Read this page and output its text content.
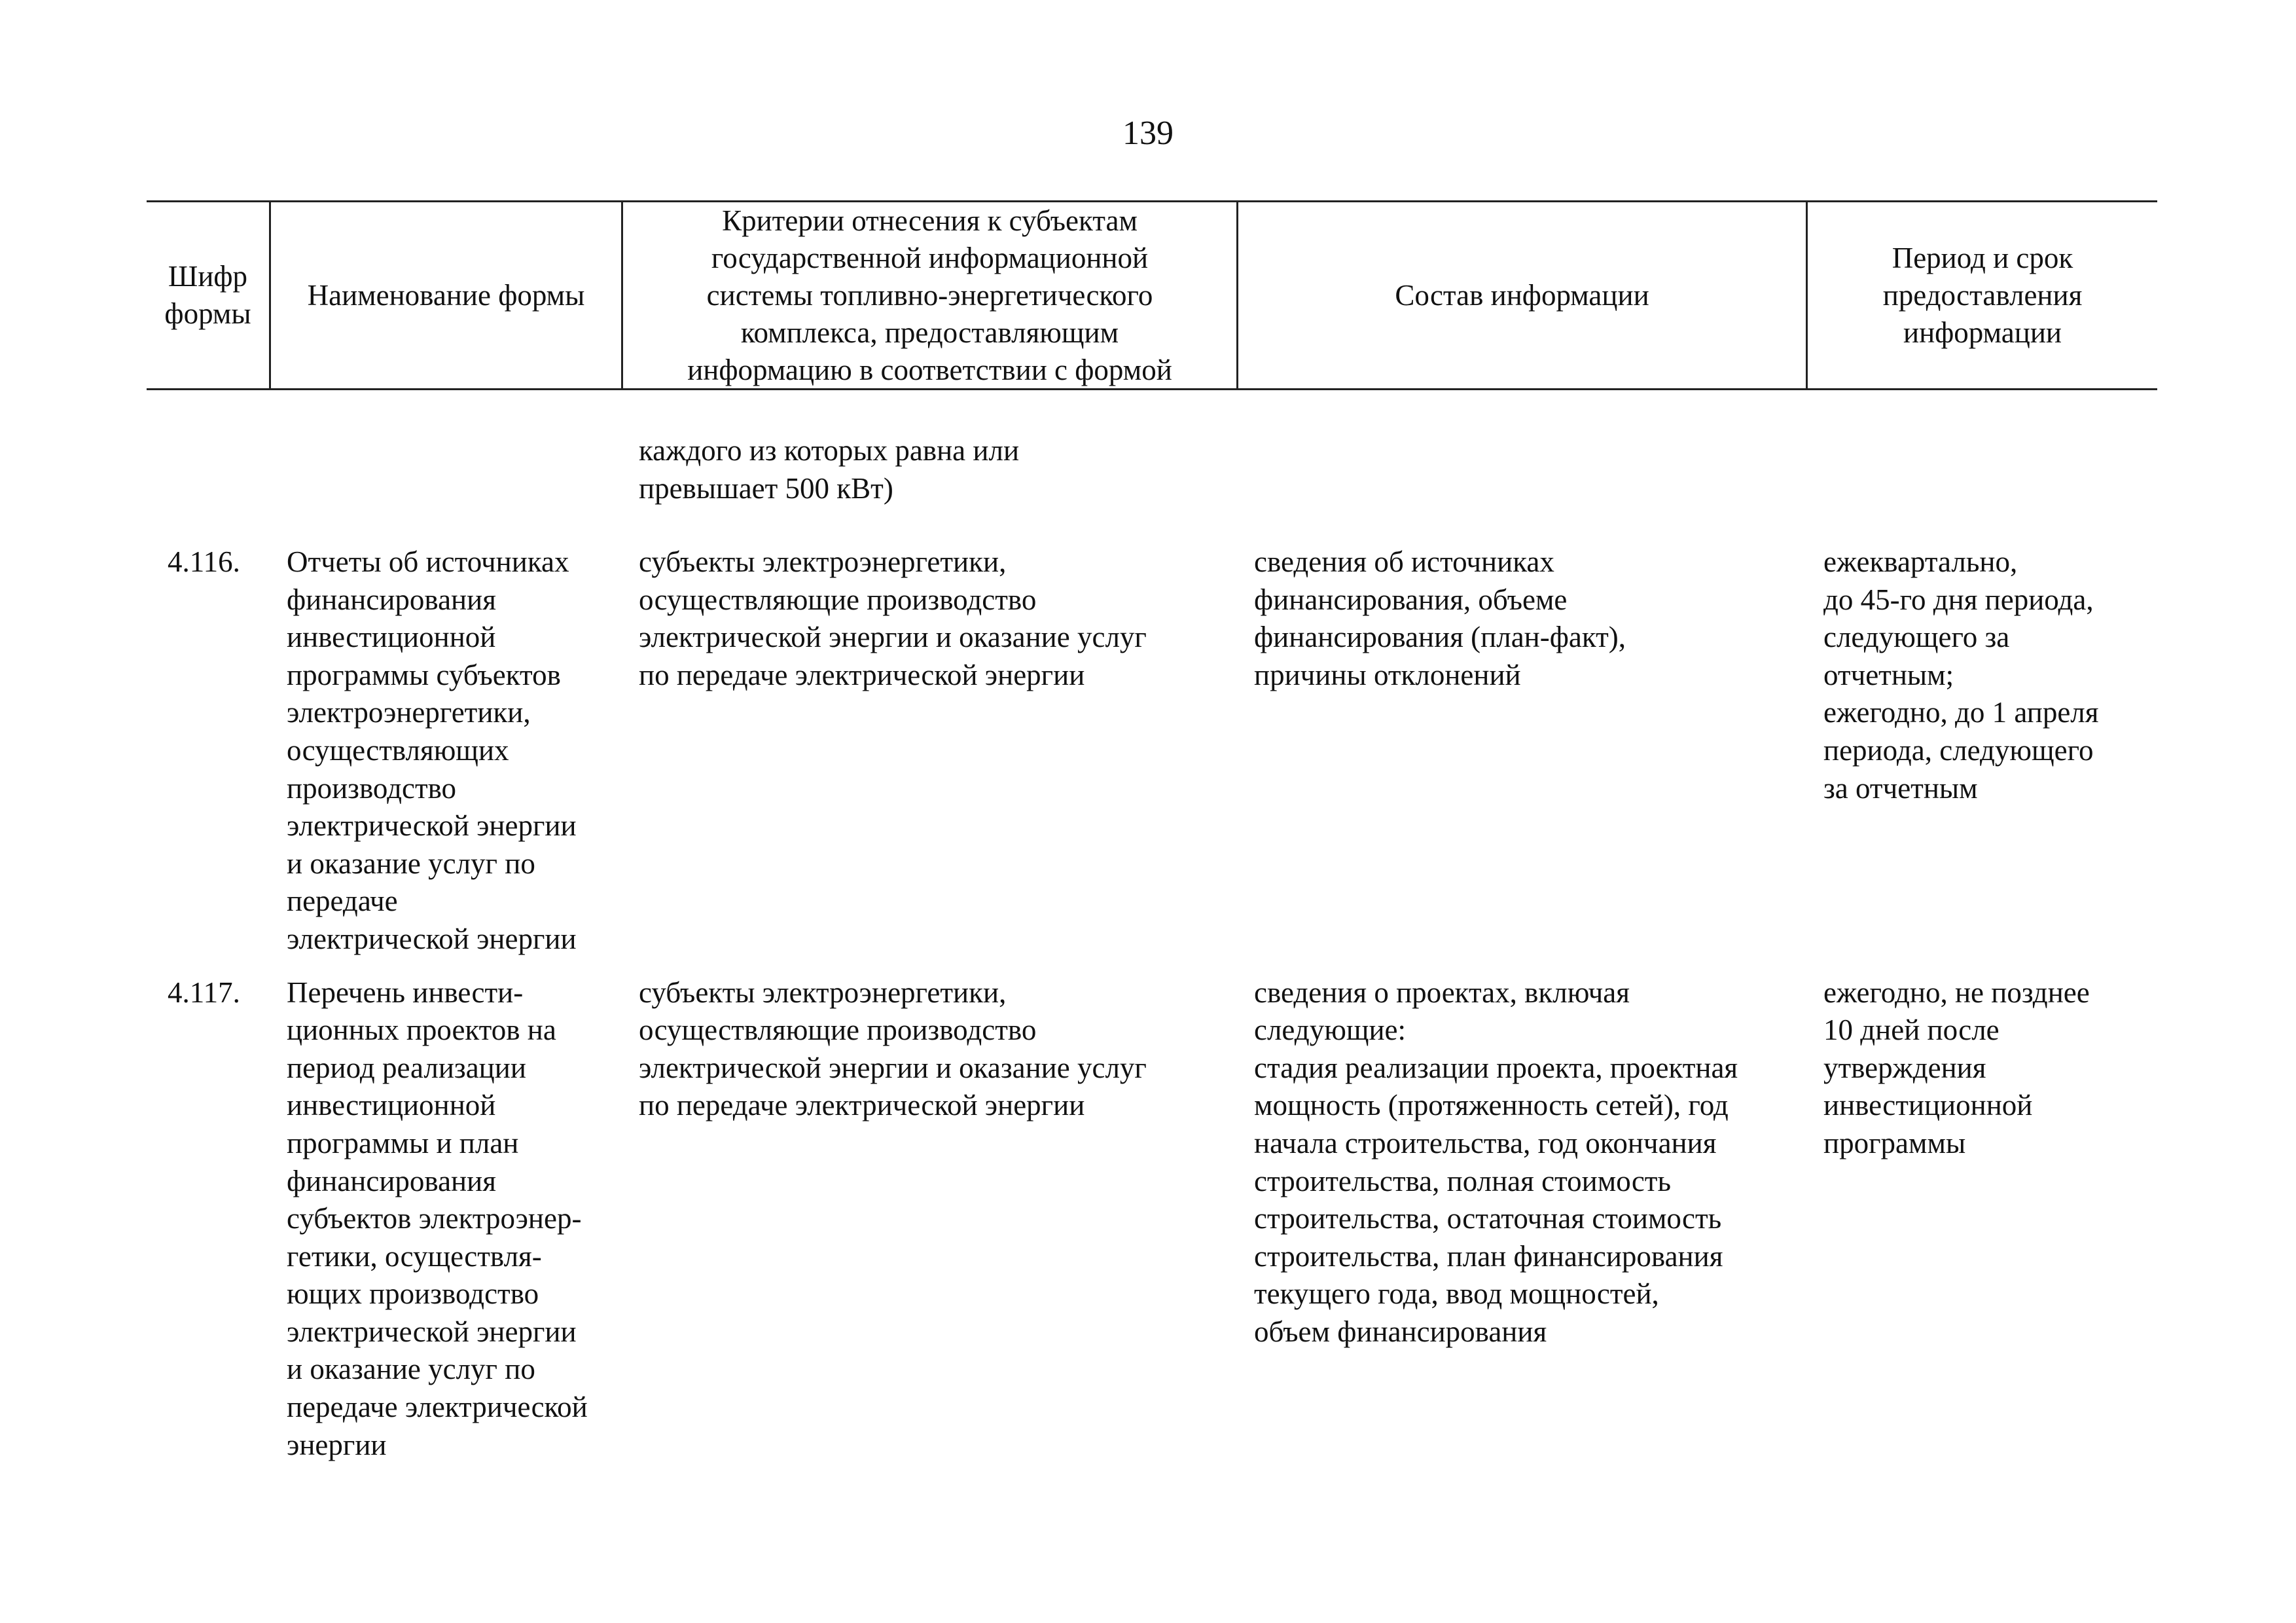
139
Шифр
формы
Наименование формы
Критерии отнесения к субъектам
государственной информационной
системы топливно-энергетического
комплекса, предоставляющим
информацию в соответствии с формой
Состав информации
Период и срок
предоставления
информации
каждого из которых равна или
превышает 500 кВт)
4.116.	Отчеты об источниках
финансирования
инвестиционной
программы субъектов
электроэнергетики,
осуществляющих
производство
электрической энергии
и оказание услуг по
передаче
электрической энергии
субъекты электроэнергетики,
осуществляющие производство
электрической энергии и оказание услуг
по передаче электрической энергии
сведения об источниках
финансирования, объеме
финансирования (план-факт),
причины отклонений
ежеквартально,
до 45-го дня периода,
следующего за
отчетным;
ежегодно, до 1 апреля
периода, следующего
за отчетным
4.117.	Перечень инвести-
ционных проектов на
период реализации
инвестиционной
программы и план
финансирования
субъектов электроэнер-
гетики, осуществля-
ющих производство
электрической энергии
и оказание услуг по
передаче электрической
энергии
субъекты электроэнергетики,
осуществляющие производство
электрической энергии и оказание услуг
по передаче электрической энергии
сведения о проектах, включая
следующие:
стадия реализации проекта, проектная
мощность (протяженность сетей), год
начала строительства, год окончания
строительства, полная стоимость
строительства, остаточная стоимость
строительства, план финансирования
текущего года, ввод мощностей,
объем финансирования
ежегодно, не позднее
10 дней после
утверждения
инвестиционной
программы
